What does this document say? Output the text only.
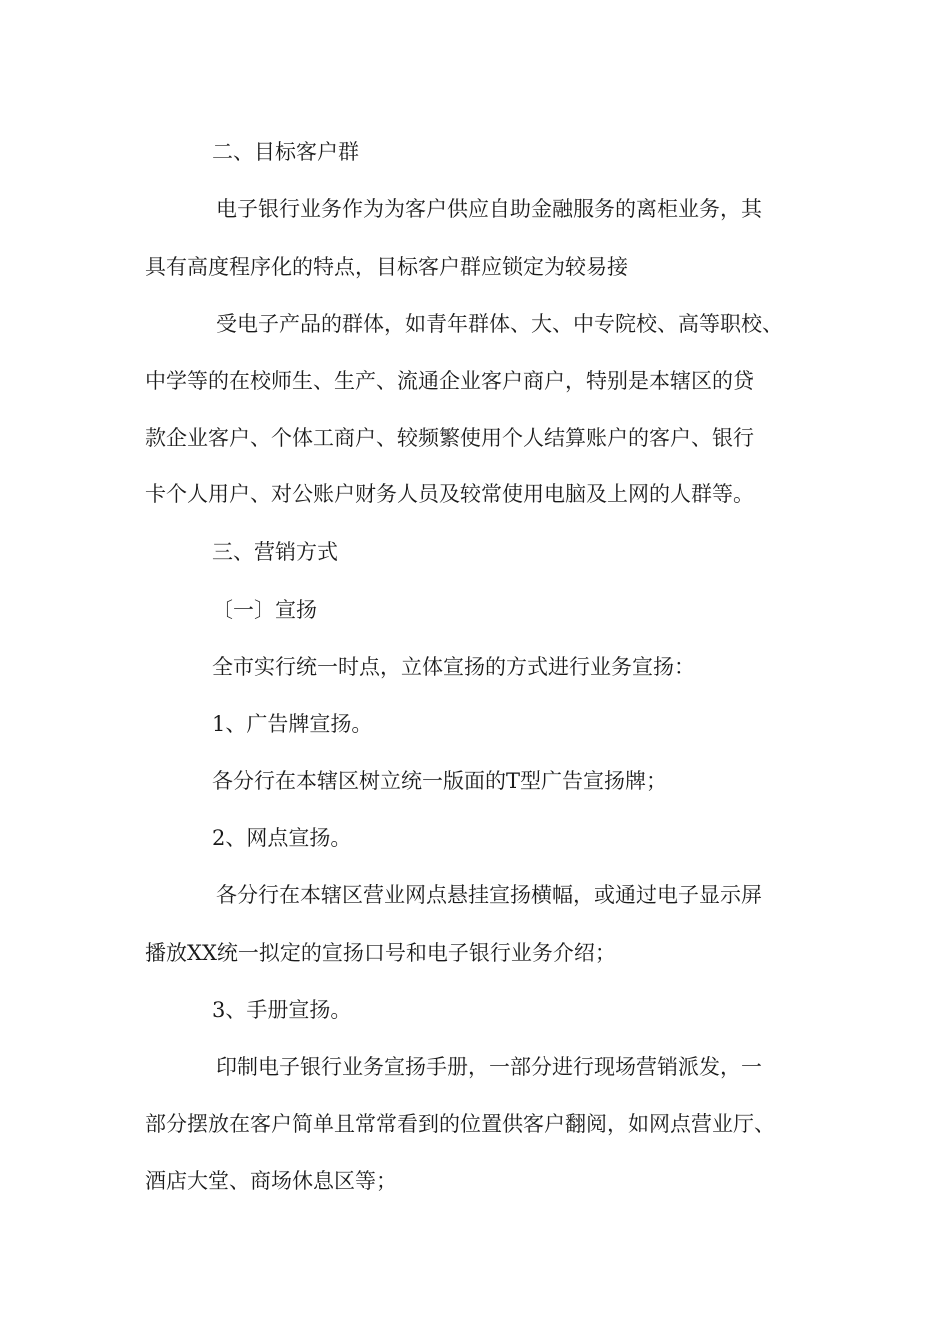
二、目标客户群
电子银行业务作为为客户供应自助金融服务的离柜业务，其
具有高度程序化的特点，目标客户群应锁定为较易接
受电子产品的群体，如青年群体、大、中专院校、高等职校、
中学等的在校师生、生产、流通企业客户商户，特别是本辖区的贷
款企业客户、个体工商户、较频繁使用个人结算账户的客户、银行
卡个人用户、对公账户财务人员及较常使用电脑及上网的人群等。
三、营销方式
〔一〕宣扬
全市实行统一时点，立体宣扬的方式进行业务宣扬：
1、广告牌宣扬。
各分行在本辖区树立统一版面的T型广告宣扬牌；
2、网点宣扬。
各分行在本辖区营业网点悬挂宣扬横幅，或通过电子显示屏
播放XX统一拟定的宣扬口号和电子银行业务介绍；
3、手册宣扬。
印制电子银行业务宣扬手册，一部分进行现场营销派发，一
部分摆放在客户简单且常常看到的位置供客户翻阅，如网点营业厅、
酒店大堂、商场休息区等；
